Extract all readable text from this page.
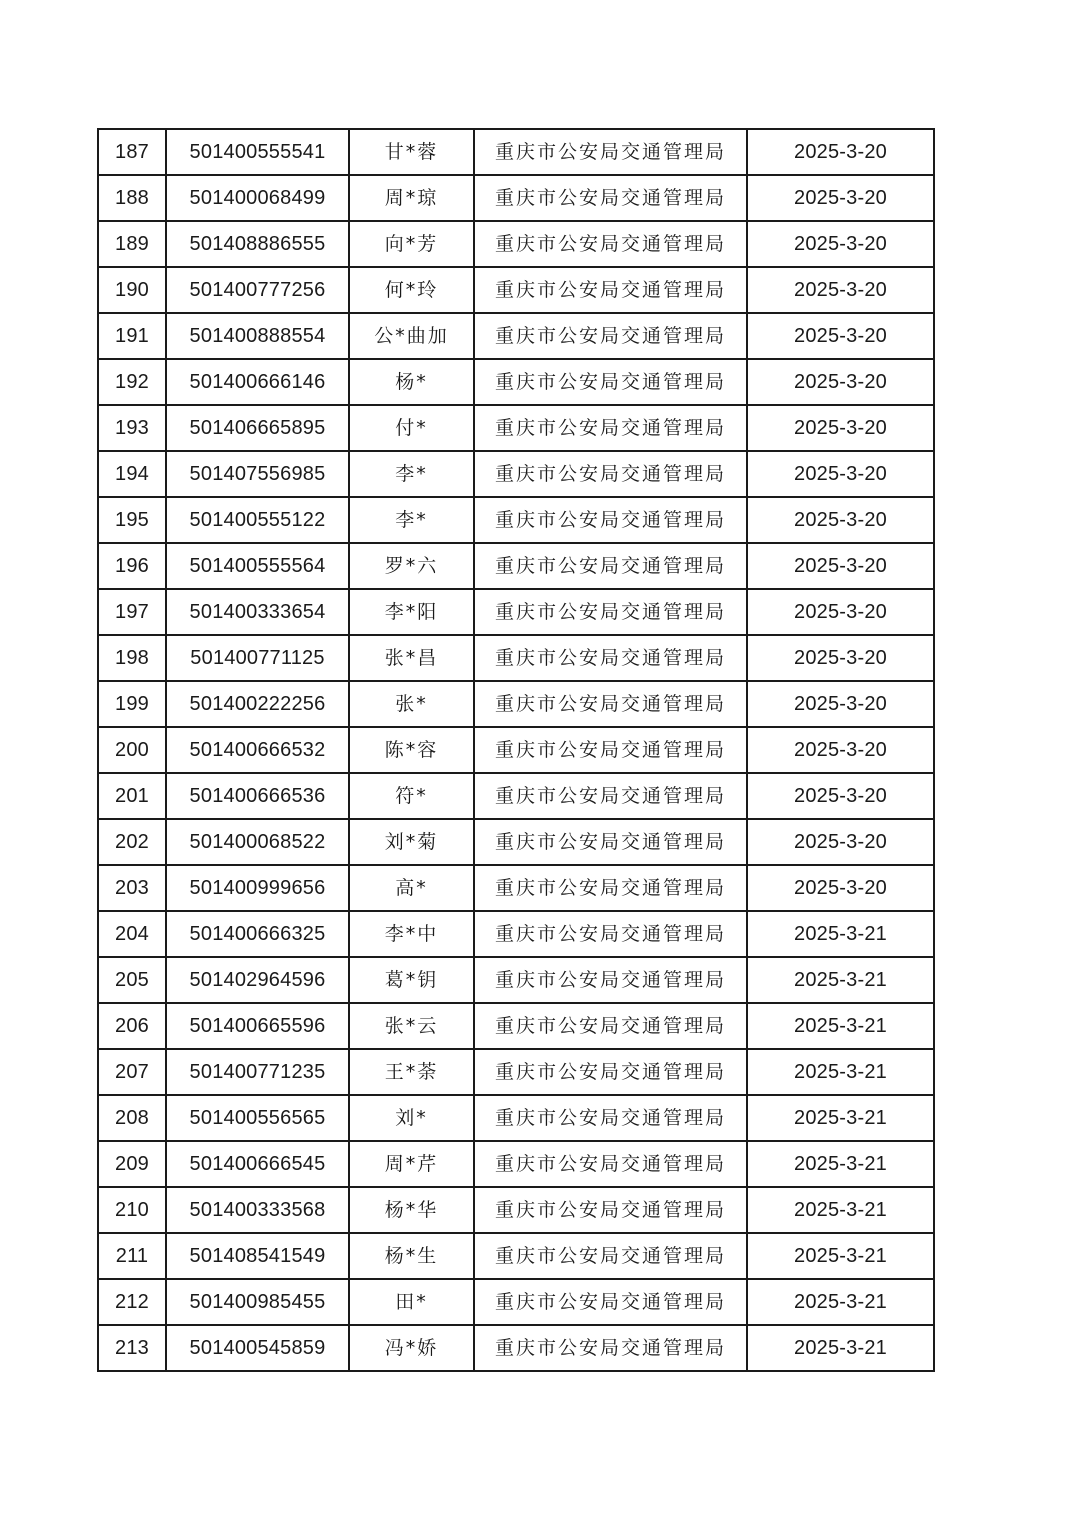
187	501400555541	甘*蓉	重庆市公安局交通管理局	2025-3-20
188	501400068499	周*琼	重庆市公安局交通管理局	2025-3-20
189	501408886555	向*芳	重庆市公安局交通管理局	2025-3-20
190	501400777256	何*玲	重庆市公安局交通管理局	2025-3-20
191	501400888554	公*曲加	重庆市公安局交通管理局	2025-3-20
192	501400666146	杨*	重庆市公安局交通管理局	2025-3-20
193	501406665895	付*	重庆市公安局交通管理局	2025-3-20
194	501407556985	李*	重庆市公安局交通管理局	2025-3-20
195	501400555122	李*	重庆市公安局交通管理局	2025-3-20
196	501400555564	罗*六	重庆市公安局交通管理局	2025-3-20
197	501400333654	李*阳	重庆市公安局交通管理局	2025-3-20
198	501400771125	张*昌	重庆市公安局交通管理局	2025-3-20
199	501400222256	张*	重庆市公安局交通管理局	2025-3-20
200	501400666532	陈*容	重庆市公安局交通管理局	2025-3-20
201	501400666536	符*	重庆市公安局交通管理局	2025-3-20
202	501400068522	刘*菊	重庆市公安局交通管理局	2025-3-20
203	501400999656	高*	重庆市公安局交通管理局	2025-3-20
204	501400666325	李*中	重庆市公安局交通管理局	2025-3-21
205	501402964596	葛*钥	重庆市公安局交通管理局	2025-3-21
206	501400665596	张*云	重庆市公安局交通管理局	2025-3-21
207	501400771235	王*荼	重庆市公安局交通管理局	2025-3-21
208	501400556565	刘*	重庆市公安局交通管理局	2025-3-21
209	501400666545	周*芹	重庆市公安局交通管理局	2025-3-21
210	501400333568	杨*华	重庆市公安局交通管理局	2025-3-21
211	501408541549	杨*生	重庆市公安局交通管理局	2025-3-21
212	501400985455	田*	重庆市公安局交通管理局	2025-3-21
213	501400545859	冯*娇	重庆市公安局交通管理局	2025-3-21
